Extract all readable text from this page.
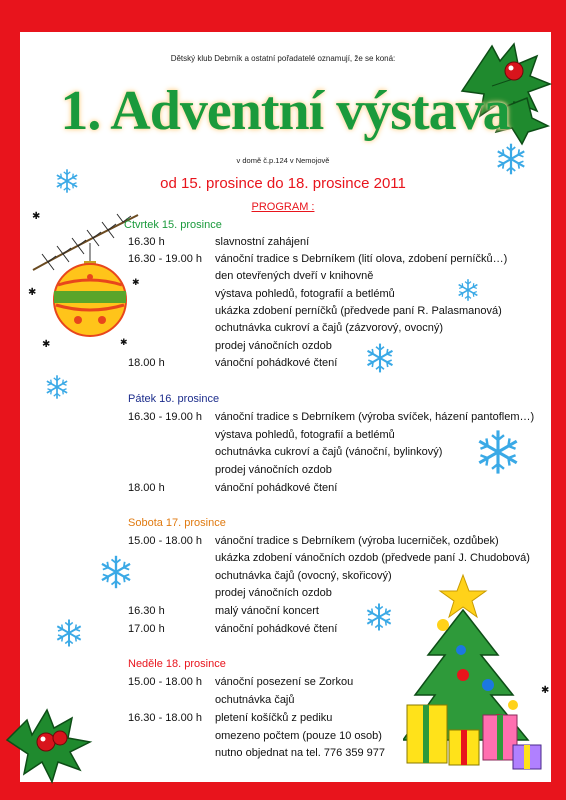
✱
✱
✱	✱
✱
✱
Dětský klub Debrník a ostatní pořadatelé oznamují, že se koná:
1. Adventní výstava
v domě č.p.124 v Nemojově
od 15. prosince do 18. prosince 2011
PROGRAM :
Čtvrtek 15. prosince
16.30 h	slavnostní zahájení
16.30 - 19.00 h vánoční tradice s Debrníkem (lití olova, zdobení perníčků…)
den otevřených dveří v knihovně
výstava pohledů, fotografií a betlémů
ukázka zdobení perníčků (předvede paní R. Palasmanová)
ochutnávka cukroví a čajů (zázvorový, ovocný)
prodej vánočních ozdob
18.00 h	vánoční pohádkové čtení
Pátek 16. prosince
16.30 - 19.00 h vánoční tradice s Debrníkem (výroba svíček, házení pantoflem…)
výstava pohledů, fotografií a betlémů
ochutnávka cukroví a čajů (vánoční, bylinkový)
prodej vánočních ozdob
18.00 h	vánoční pohádkové čtení
Sobota 17. prosince
15.00 - 18.00 h vánoční tradice s Debrníkem (výroba lucerniček, ozdůbek)
ukázka zdobení vánočních ozdob (předvede paní J. Chudobová)
ochutnávka čajů (ovocný, skořicový)
prodej vánočních ozdob
16.30 h	malý vánoční koncert
17.00 h	vánoční pohádkové čtení
Neděle 18. prosince
15.00 - 18.00 h vánoční posezení se Zorkou
ochutnávka čajů
16.30 - 18.00 h pletení košíčků z pediku
omezeno počtem (pouze 10 osob)
nutno objednat na tel. 776 359 977
